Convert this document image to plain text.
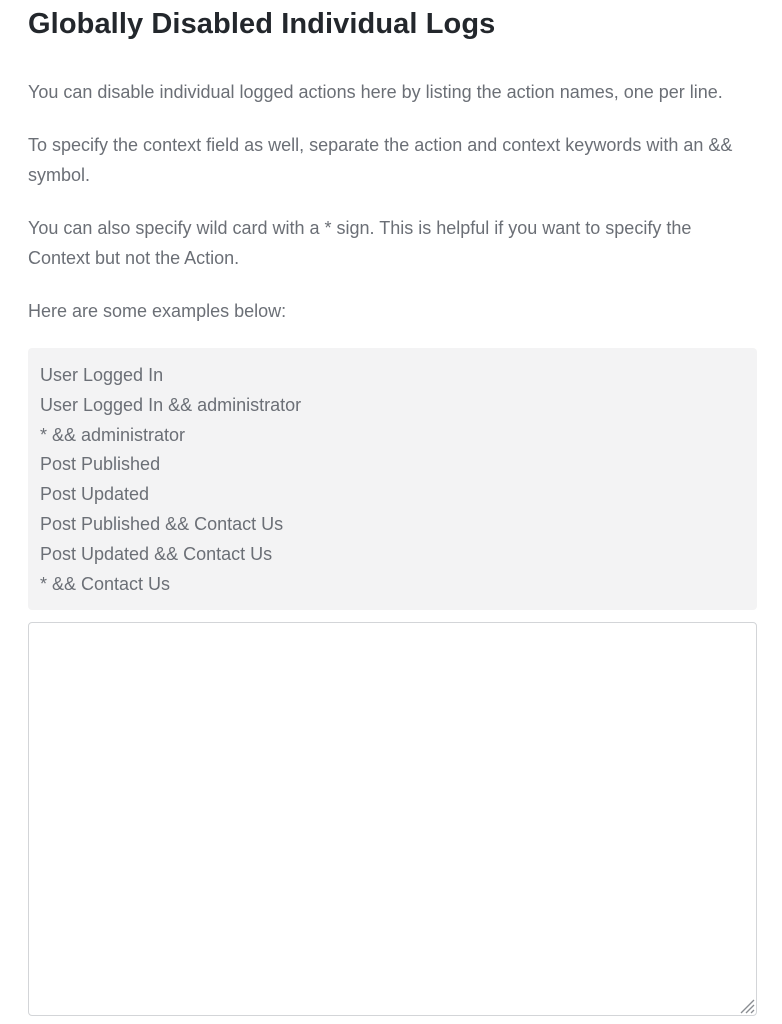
Globally Disabled Individual Logs

You can disable individual logged actions here by listing the action names, one per line.

To specify the context field as well, separate the action and context keywords with an && symbol.

You can also specify wild card with a * sign. This is helpful if you want to specify the Context but not the Action.

Here are some examples below:

User Logged In
User Logged In && administrator
* && administrator
Post Published
Post Updated
Post Published && Contact Us
Post Updated && Contact Us
* && Contact Us
